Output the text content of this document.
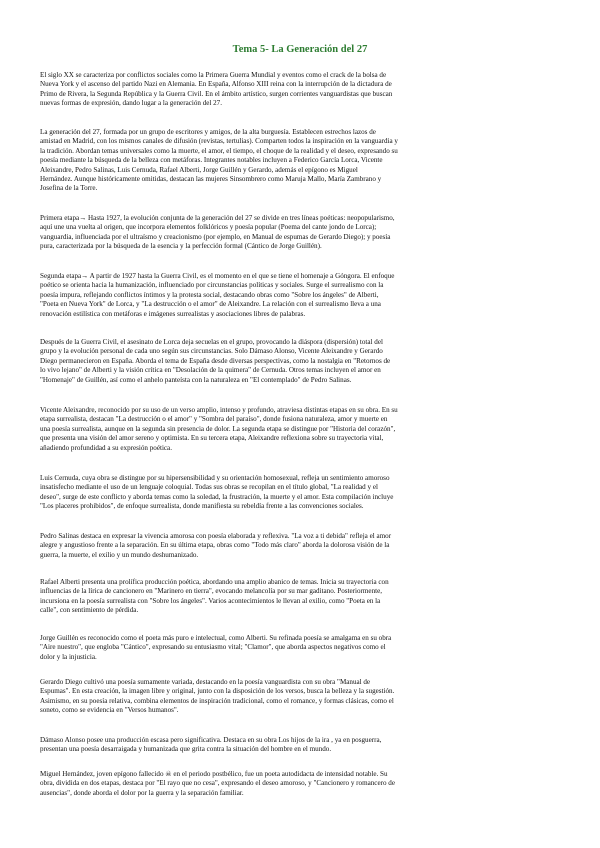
Tema 5- La Generación del 27
El siglo XX se caracteriza por conflictos sociales como la Primera Guerra Mundial y eventos como el crack de la bolsa de
Nueva York y el ascenso del partido Nazi en Alemania. En España, Alfonso XIII reina con la interrupción de la dictadura de
Primo de Rivera, la Segunda República y la Guerra Civil. En el ámbito artístico, surgen corrientes vanguardistas que buscan
nuevas formas de expresión, dando lugar a la generación del 27.
La generación del 27, formada por un grupo de escritores y amigos, de la alta burguesía. Establecen estrechos lazos de
amistad en Madrid, con los mismos canales de difusión (revistas, tertulias). Comparten todos la inspiración en la vanguardia y
la tradición. Abordan temas universales como la muerte, el amor, el tiempo, el choque de la realidad y el deseo, expresando su
poesía mediante la búsqueda de la belleza con metáforas. Integrantes notables incluyen a Federico García Lorca, Vicente
Aleixandre, Pedro Salinas, Luis Cernuda, Rafael Alberti, Jorge Guillén y Gerardo, además el epígono es Miguel
Hernández. Aunque históricamente omitidas, destacan las mujeres Sinsombrero como Maruja Mallo, María Zambrano y
Josefina de la Torre.
Primera etapa→ Hasta 1927, la evolución conjunta de la generación del 27 se divide en tres líneas poéticas: neopopularismo,
aquí une una vuelta al origen, que incorpora elementos folklóricos y poesía popular (Poema del cante jondo de Lorca);
vanguardia, influenciada por el ultraísmo y creacionismo (por ejemplo, en Manual de espumas de Gerardo Diego); y poesía
pura, caracterizada por la búsqueda de la esencia y la perfección formal (Cántico de Jorge Guillén).
Segunda etapa→ A partir de 1927 hasta la Guerra Civil, es el momento en el que se tiene el homenaje a Góngora. El enfoque
poético se orienta hacia la humanización, influenciado por circunstancias políticas y sociales. Surge el surrealismo con la
poesía impura, reflejando conflictos íntimos y la protesta social, destacando obras como "Sobre los ángeles" de Alberti,
"Poeta en Nueva York" de Lorca, y "La destrucción o el amor" de Aleixandre. La relación con el surrealismo lleva a una
renovación estilística con metáforas e imágenes surrealistas y asociaciones libres de palabras.
Después de la Guerra Civil, el asesinato de Lorca deja secuelas en el grupo, provocando la diáspora (dispersión) total del
grupo y la evolución personal de cada uno según sus circunstancias. Solo Dámaso Alonso, Vicente Aleixandre y Gerardo
Diego permanecieron en España. Aborda el tema de España desde diversas perspectivas, como la nostalgia en "Retornos de
lo vivo lejano" de Alberti y la visión crítica en "Desolación de la quimera" de Cernuda. Otros temas incluyen el amor en
"Homenaje" de Guillén, así como el anhelo panteísta con la naturaleza en "El contemplado" de Pedro Salinas.
Vicente Aleixandre, reconocido por su uso de un verso amplio, intenso y profundo, atraviesa distintas etapas en su obra. En su
etapa surrealista, destacan "La destrucción o el amor" y "Sombra del paraíso", donde fusiona naturaleza, amor y muerte en
una poesía surrealista, aunque en la segunda sin presencia de dolor. La segunda etapa se distingue por "Historia del corazón",
que presenta una visión del amor sereno y optimista. En su tercera etapa, Aleixandre reflexiona sobre su trayectoria vital,
añadiendo profundidad a su expresión poética.
Luis Cernuda, cuya obra se distingue por su hipersensibilidad y su orientación homosexual, refleja un sentimiento amoroso
insatisfecho mediante el uso de un lenguaje coloquial. Todas sus obras se recopilan en el título global, "La realidad y el
deseo", surge de este conflicto y aborda temas como la soledad, la frustración, la muerte y el amor. Esta compilación incluye
"Los placeres prohibidos", de enfoque surrealista, donde manifiesta su rebeldía frente a las convenciones sociales.
Pedro Salinas destaca en expresar la vivencia amorosa con poesía elaborada y reflexiva. "La voz a ti debida" refleja el amor
alegre y angustioso frente a la separación. En su última etapa, obras como "Todo más claro" aborda la dolorosa visión de la
guerra, la muerte, el exilio y un mundo deshumanizado.
Rafael Alberti presenta una prolífica producción poética, abordando una amplio abanico de temas. Inicia su trayectoria con
influencias de la lírica de cancionero en "Marinero en tierra", evocando melancolía por su mar gaditano. Posteriormente,
incursiona en la poesía surrealista con "Sobre los ángeles". Varios acontecimientos le llevan al exilio, como "Poeta en la
calle", con sentimiento de pérdida.
Jorge Guillén es reconocido como el poeta más puro e intelectual, como Alberti. Su refinada poesía se amalgama en su obra
"Aire nuestro", que engloba "Cántico", expresando su entusiasmo vital; "Clamor", que aborda aspectos negativos como el
dolor y la injusticia.
Gerardo Diego cultivó una poesía sumamente variada, destacando en la poesía vanguardista con su obra "Manual de
Espumas". En esta creación, la imagen libre y original, junto con la disposición de los versos, busca la belleza y la sugestión.
Asimismo, en su poesía relativa, combina elementos de inspiración tradicional, como el romance, y formas clásicas, como el
soneto, como se evidencia en "Versos humanos".
Dámaso Alonso posee una producción escasa pero significativa. Destaca en su obra Los hijos de la ira , ya en posguerra,
presentan una poesía desarraigada y humanizada que grita contra la situación del hombre en el mundo.
Miguel Hernández, joven epígono fallecido ☠ en el periodo postbélico, fue un poeta autodidacta de intensidad notable. Su
obra, dividida en dos etapas, destaca por "El rayo que no cesa", expresando el deseo amoroso, y "Cancionero y romancero de
ausencias", donde aborda el dolor por la guerra y la separación familiar.
